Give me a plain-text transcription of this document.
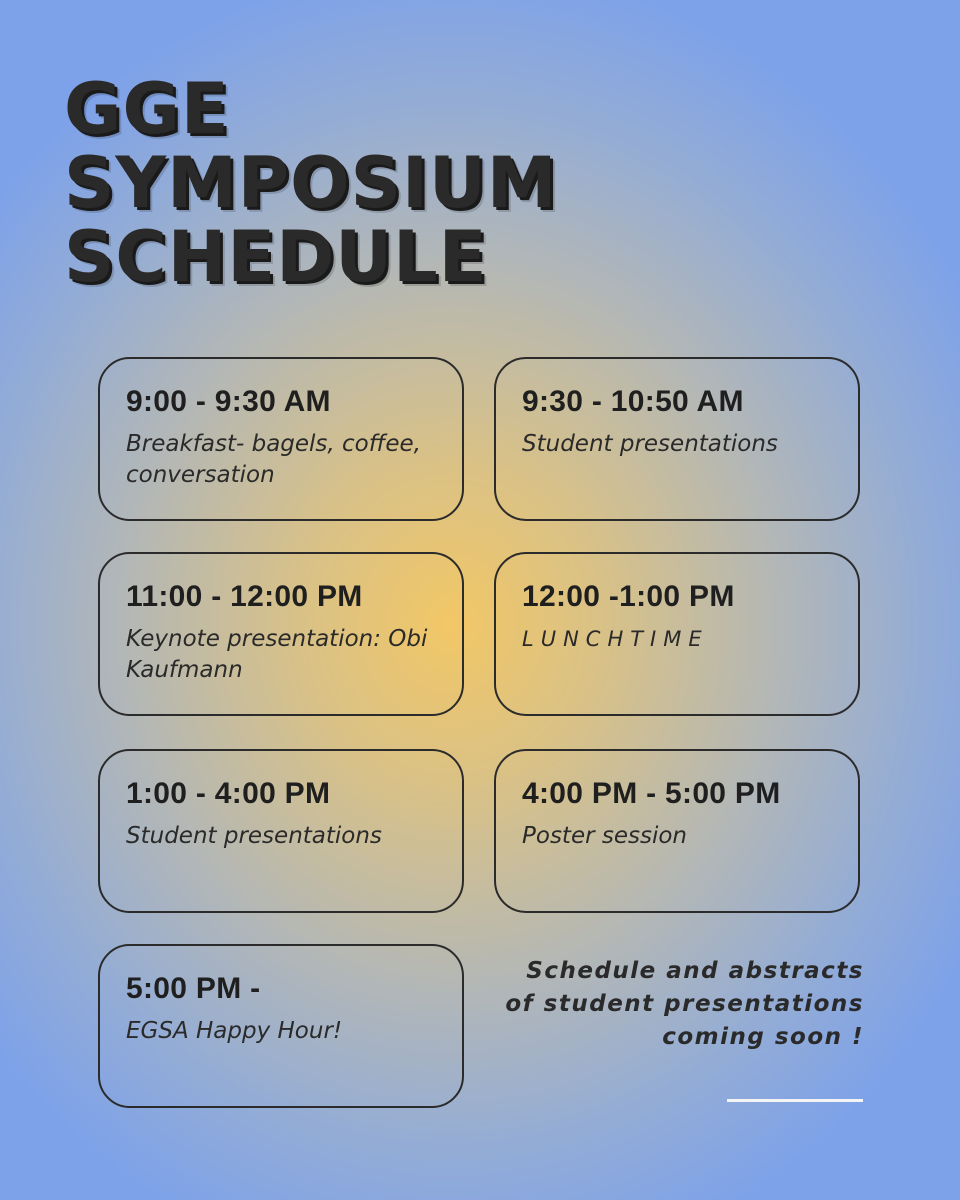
GGE
SYMPOSIUM
SCHEDULE
9:00 - 9:30 AM
Breakfast- bagels, coffee, conversation
9:30 - 10:50 AM
Student presentations
11:00 - 12:00 PM
Keynote presentation: Obi Kaufmann
12:00 -1:00 PM
LUNCHTIME
1:00 - 4:00 PM
Student presentations
4:00 PM - 5:00 PM
Poster session
5:00 PM -
EGSA Happy Hour!

Schedule and abstracts of student presentations coming soon !
